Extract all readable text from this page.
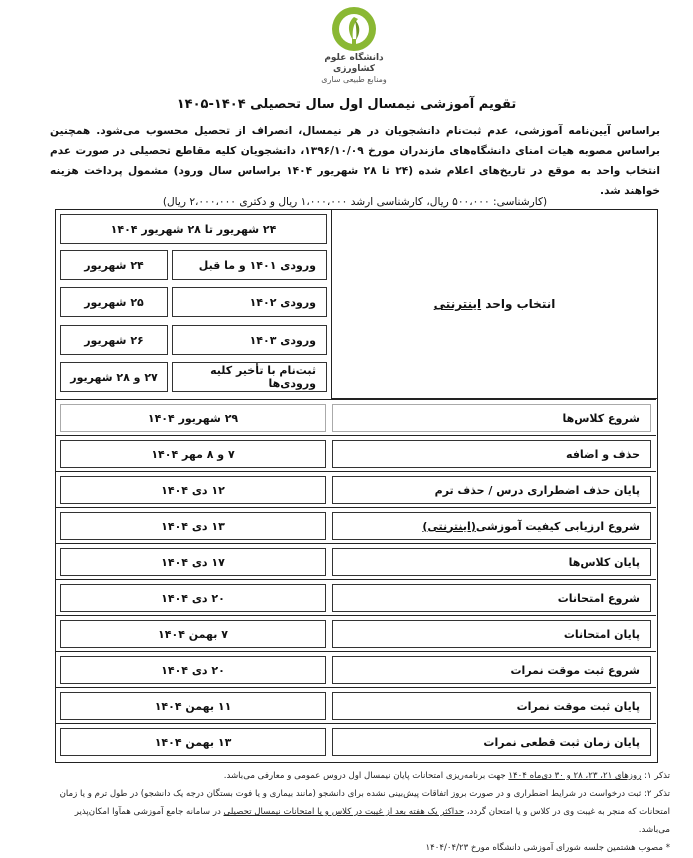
دانشگاه علوم کشاورزی
ومنابع طبیعی ساری
تقویم آموزشی نیمسال اول سال تحصیلی ۱۴۰۴-۱۴۰۵
براساس آیین‌نامه آموزشی، عدم ثبت‌نام دانشجویان در هر نیمسال، انصراف از تحصیل محسوب می‌شود. همچنین براساس مصوبه هیات امنای دانشگاه‌های مازندران مورخ ۱۳۹۶/۱۰/۰۹، دانشجویان کلیه مقاطع تحصیلی در صورت عدم انتخاب واحد به موقع در تاریخ‌های اعلام شده (۲۴ تا ۲۸ شهریور ۱۴۰۴ براساس سال ورود) مشمول پرداخت هزینه خواهند شد.
(کارشناسی: ۵۰۰،۰۰۰ ریال، کارشناسی ارشد ۱،۰۰۰،۰۰۰ ریال و دکتری ۲،۰۰۰،۰۰۰ ریال)
انتخاب واحد اینترنتی
۲۴ شهریور تا ۲۸ شهریور ۱۴۰۴
ورودی ۱۴۰۱ و ما قبل
۲۴ شهریور
ورودی ۱۴۰۲
۲۵ شهریور
ورودی ۱۴۰۳
۲۶ شهریور
ثبت‌نام با تأخیر کلیه ورودی‌ها
۲۷ و ۲۸ شهریور
شروع کلاس‌ها
۲۹ شهریور ۱۴۰۴
حذف و اضافه
۷ و ۸ مهر ۱۴۰۴
پایان حذف اضطراری درس / حذف ترم
۱۲ دی ۱۴۰۴
شروع ارزیابی کیفیت آموزشی
(اینترنتی)
۱۳ دی ۱۴۰۴
پایان کلاس‌ها
۱۷ دی ۱۴۰۴
شروع امتحانات
۲۰ دی ۱۴۰۴
پایان امتحانات
۷ بهمن ۱۴۰۴
شروع ثبت موقت نمرات
۲۰ دی ۱۴۰۴
پایان ثبت موقت نمرات
۱۱ بهمن ۱۴۰۴
پایان زمان ثبت قطعی نمرات
۱۳ بهمن ۱۴۰۴

تذکر ۱: روزهای ۲۱، ۲۳، ۲۸ و ۳۰ دی‌ماه ۱۴۰۴ جهت برنامه‌ریزی امتحانات پایان نیمسال اول دروس عمومی و معارفی می‌باشد.

تذکر ۲: ثبت درخواست در شرایط اضطراری و در صورت بروز اتفاقات پیش‌بینی نشده برای دانشجو (مانند بیماری و یا فوت بستگان درجه یک دانشجو) در طول ترم و یا زمان امتحانات که منجر به غیبت وی در کلاس و یا امتحان گردد، حداکثر یک هفته بعد از غیبت در کلاس و یا امتحانات نیمسال تحصیلی در سامانه جامع آموزشی همآوا امکان‌پذیر می‌باشد.

* مصوب هشتمین جلسه شورای آموزشی دانشگاه مورخ ۱۴۰۴/۰۴/۲۳
